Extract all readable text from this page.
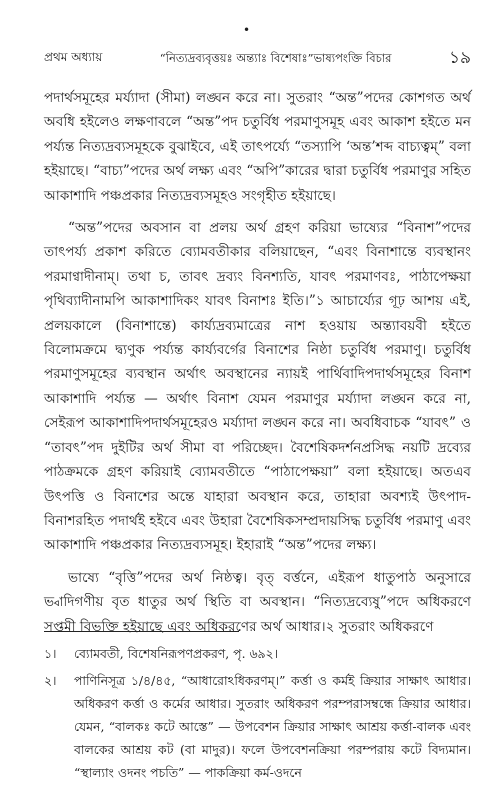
•
প্রথম অধ্যায়	“নিত্যদ্রব্যবৃত্তয়ঃ অন্ত্যাঃ বিশেষাঃ”ভাষ্যপংক্তি বিচার	১৯

পদার্থসমূহের মর্য্যাদা (সীমা) লঙ্ঘন করে না। সুতরাং “অন্ত”পদের কোশগত অর্থ অবধি হইলেও লক্ষণাবলে “অন্ত”পদ চতুর্বিধ পরমাণুসমূহ এবং আকাশ হইতে মন পর্য্যন্ত নিত্যদ্রব্যসমূহকে বুঝাইবে, এই তাৎপর্য্যে “তস্যাপি ‘অন্ত’শব্দ বাচ্যত্বম্” বলা হইয়াছে। “বাচ্য”পদের অর্থ লক্ষ্য এবং “অপি”কারের দ্বারা চতুর্বিধ পরমাণুর সহিত আকাশাদি পঞ্চপ্রকার নিত্যদ্রব্যসমূহও সংগৃহীত হইয়াছে।

“অন্ত”পদের অবসান বা প্রলয় অর্থ গ্রহণ করিয়া ভাষ্যের “বিনাশ”পদের তাৎপর্য্য প্রকাশ করিতে ব্যোমবতীকার বলিয়াছেন, “এবং বিনাশান্তে ব্যবস্থানং পরমাণ্বাদীনাম্। তথা চ, তাবৎ দ্রব্যং বিনশ্যতি, যাবৎ পরমাণবঃ, পাঠাপেক্ষয়া পৃথিব্যাদীনামপি আকাশাদিকং যাবৎ বিনাশঃ ইতি।”১ আচার্য্যের গূঢ় আশয় এই, প্রলয়কালে (বিনাশান্তে) কার্য্যদ্রব্যমাত্রের নাশ হওয়ায় অন্ত্যাবয়বী হইতে বিলোমক্রমে দ্ব্যণুক পর্য্যন্ত কার্য্যবর্গের বিনাশের নিষ্ঠা চতুর্বিধ পরমাণু। চতুর্বিধ পরমাণুসমূহের ব্যবস্থান অর্থাৎ অবস্থানের ন্যায়ই পার্থিবাদিপদার্থসমূহের বিনাশ আকাশাদি পর্য্যন্ত — অর্থাৎ বিনাশ যেমন পরমাণুর মর্য্যাদা লঙ্ঘন করে না, সেইরূপ আকাশাদিপদার্থসমূহেরও মর্য্যাদা লঙ্ঘন করে না। অবধিবাচক “যাবৎ” ও “তাবৎ”পদ দুইটির অর্থ সীমা বা পরিচ্ছেদ। বৈশেষিকদর্শনপ্রসিদ্ধ নয়টি দ্রব্যের পাঠক্রমকে গ্রহণ করিয়াই ব্যোমবতীতে “পাঠাপেক্ষয়া” বলা হইয়াছে। অতএব উৎপত্তি ও বিনাশের অন্তে যাহারা অবস্থান করে, তাহারা অবশ্যই উৎপাদ-বিনাশরহিত পদার্থই হইবে এবং উহারা বৈশেষিকসম্প্রদায়সিদ্ধ চতুর্বিধ পরমাণু এবং আকাশাদি পঞ্চপ্রকার নিত্যদ্রব্যসমূহ। ইহারাই “অন্ত”পদের লক্ষ্য।

ভাষ্যে “বৃত্তি”পদের অর্থ নিষ্ঠত্ব। বৃত্ বর্ত্তনে, এইরূপ ধাতুপাঠ অনুসারে ভ্বাদিগণীয় বৃত ধাতুর অর্থ স্থিতি বা অবস্থান। “নিত্যদ্রব্যেষু”পদে অধিকরণে সপ্তমী বিভক্তি হইয়াছে এবং অধিকরণের অর্থ আধার।২ সুতরাং অধিকরণে

১।	ব্যোমবতী, বিশেষনিরূপণপ্রকরণ, পৃ. ৬৯২।
২।	পাণিনিসূত্র ১/৪/৪৫, “আধারোঽধিকরণম্।” কর্ত্তা ও কর্মই ক্রিয়ার সাক্ষাৎ আধার। অধিকরণ কর্ত্তা ও কর্মের আধার। সুতরাং অধিকরণ পরম্পরাসম্বন্ধে ক্রিয়ার আধার। যেমন, “বালকঃ কটে আস্তে” — উপবেশন ক্রিয়ার সাক্ষাৎ আশ্রয় কর্ত্তা-বালক এবং বালকের আশ্রয় কট (বা মাদুর)। ফলে উপবেশনক্রিয়া পরম্পরায় কটে বিদ্যমান। “স্থাল্যাং ওদনং পচতি” — পাকক্রিয়া কর্ম-ওদনে
